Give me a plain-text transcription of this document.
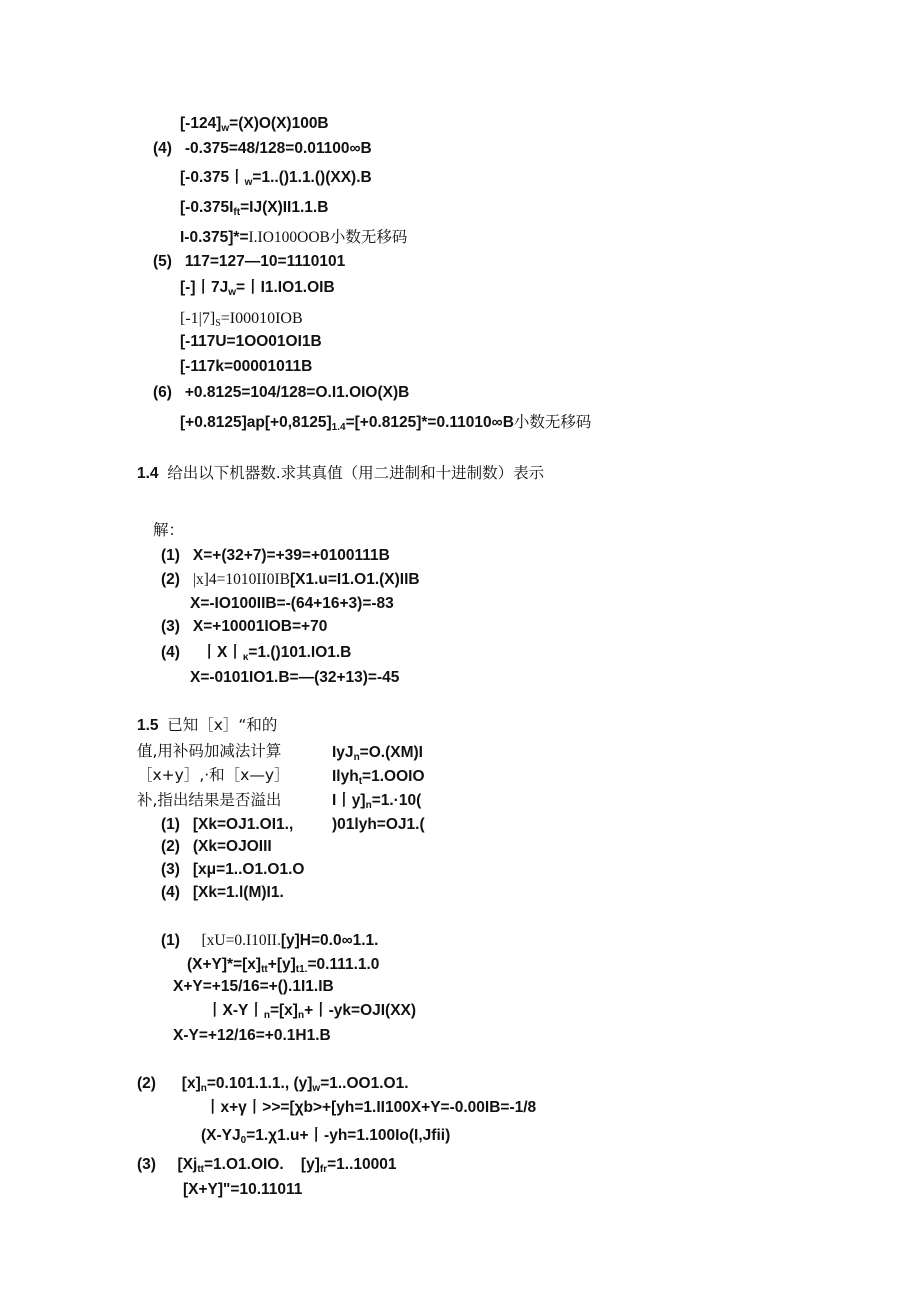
$[-124]_w=(X)O(X)100B$
(4) -0.375=48/128=0.01100∞B
[-0.375丨$_w$=1..()1.1.()(XX).B
[$-0.375I_{ft}=IJ(X)II1.1.B$
I-0.375]*=I.IO100OOB小数无移码
(5) 117=127—10=1110101
[-]丨$7J_w=$丨I1.IO1.OIB
$[-1|7]_S=I00010IOB$
[-117U=1OO01OI1B
[-117k=00001011B
(6) +0.8125=104/128=O.I1.OIO(X)B
$[+0.8125]ap[+0,8125]_{1.4}=[+0.8125]*=0.11010\infty B$小数无移码
1.4 给出以下机器数.求其真值（用二进制和十进制数）表示
解：
(1) X=+(32+7)=+39=+0100111B
(2) |x]4=1010II0IB[X1.u=I1.O1.(X)IIB
X=-IO100IIB=-(64+16+3)=-83
(3) X=+10001IOB=+70
(4) 丨X丨$_\kappa$=1.()101.IO1.B
X=-0101IO1.B=—(32+13)=-45
1.5 已知［x］“和的
值,用补码加减法计算
［x+y］,·和［x—y］
补,指出结果是否溢出
IyJ$_n$=O.(XM)I
Ilyh$_t$=1.OOIO
I丨$y]_n=1.\cdot 10$(
)01lyh=OJ1.(
(1) [Xk=OJ1.OI1.,
(2) (Xk=OJOIII
(3) [xμ=1..O1.O1.O
(4) [Xk=1.l(M)I1.
(1) [xU=0.I10II.[y]H=0.0∞1.1.
$(X+Y]*=[x]_{tt}+[y]_{t1.}=0.111.1.0$
X+Y=+15/16=+().1I1.IB
丨X-Y丨$_n=[x]_n+$丨-yk=OJI(XX)
X-Y=+12/16=+0.1H1.B
(2) $[x]_n=0.101.1.1$., $(y]_w=1..OO1.O1$.
丨x+γ丨>>=[χb>+[yh=1.II100X+Y=-0.00IB=-1/8
($X-YJ_0=1.\chi 1.u+$丨-yh=1.100Io(I,Jfii)
(3) [$Xj_{tt}=1.O1.OIO$. $[y]_{fr}=1..10001$
[X+Y]"=10.11011
